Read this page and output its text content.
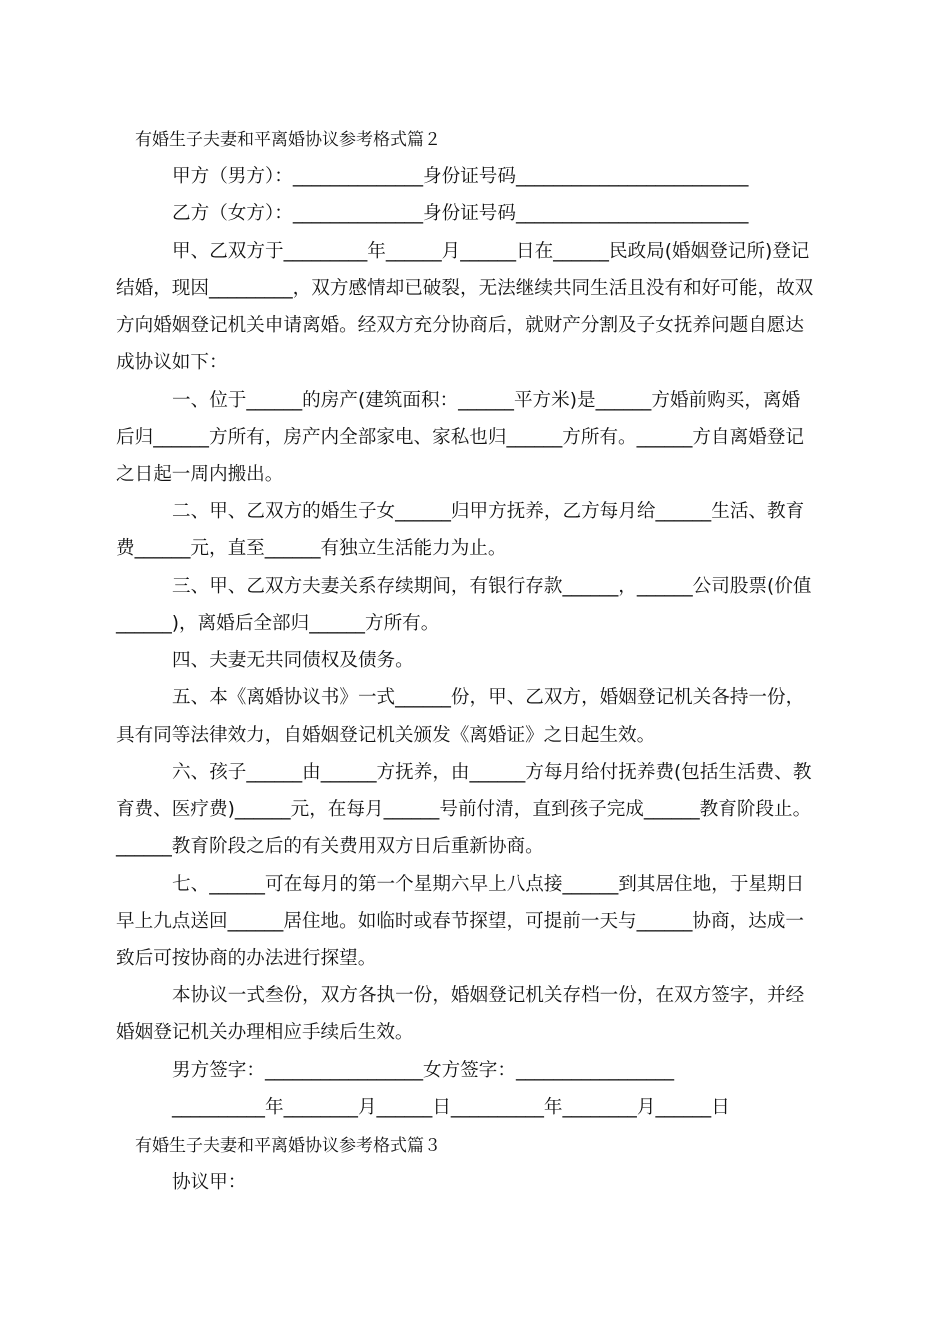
有婚生子夫妻和平离婚协议参考格式篇２
甲方（男方）：______________身份证号码_________________________
乙方（女方）：______________身份证号码_________________________
甲、乙双方于_________年______月______日在______民政局(婚姻登记所)登记
结婚，现因_________，双方感情却已破裂，无法继续共同生活且没有和好可能，故双
方向婚姻登记机关申请离婚。经双方充分协商后，就财产分割及子女抚养问题自愿达
成协议如下：
一、位于______的房产(建筑面积：______平方米)是______方婚前购买，离婚
后归______方所有，房产内全部家电、家私也归______方所有。______方自离婚登记
之日起一周内搬出。
二、甲、乙双方的婚生子女______归甲方抚养，乙方每月给______生活、教育
费______元，直至______有独立生活能力为止。
三、甲、乙双方夫妻关系存续期间，有银行存款______，______公司股票(价值
______)，离婚后全部归______方所有。
四、夫妻无共同债权及债务。
五、本《离婚协议书》一式______份，甲、乙双方，婚姻登记机关各持一份，
具有同等法律效力，自婚姻登记机关颁发《离婚证》之日起生效。
六、孩子______由______方抚养，由______方每月给付抚养费(包括生活费、教
育费、医疗费)______元，在每月______号前付清，直到孩子完成______教育阶段止。
______教育阶段之后的有关费用双方日后重新协商。
七、______可在每月的第一个星期六早上八点接______到其居住地，于星期日
早上九点送回______居住地。如临时或春节探望，可提前一天与______协商，达成一
致后可按协商的办法进行探望。
本协议一式叁份，双方各执一份，婚姻登记机关存档一份，在双方签字，并经
婚姻登记机关办理相应手续后生效。
男方签字：_________________女方签字：_________________
__________年________月______日__________年________月______日
有婚生子夫妻和平离婚协议参考格式篇３
协议甲：
